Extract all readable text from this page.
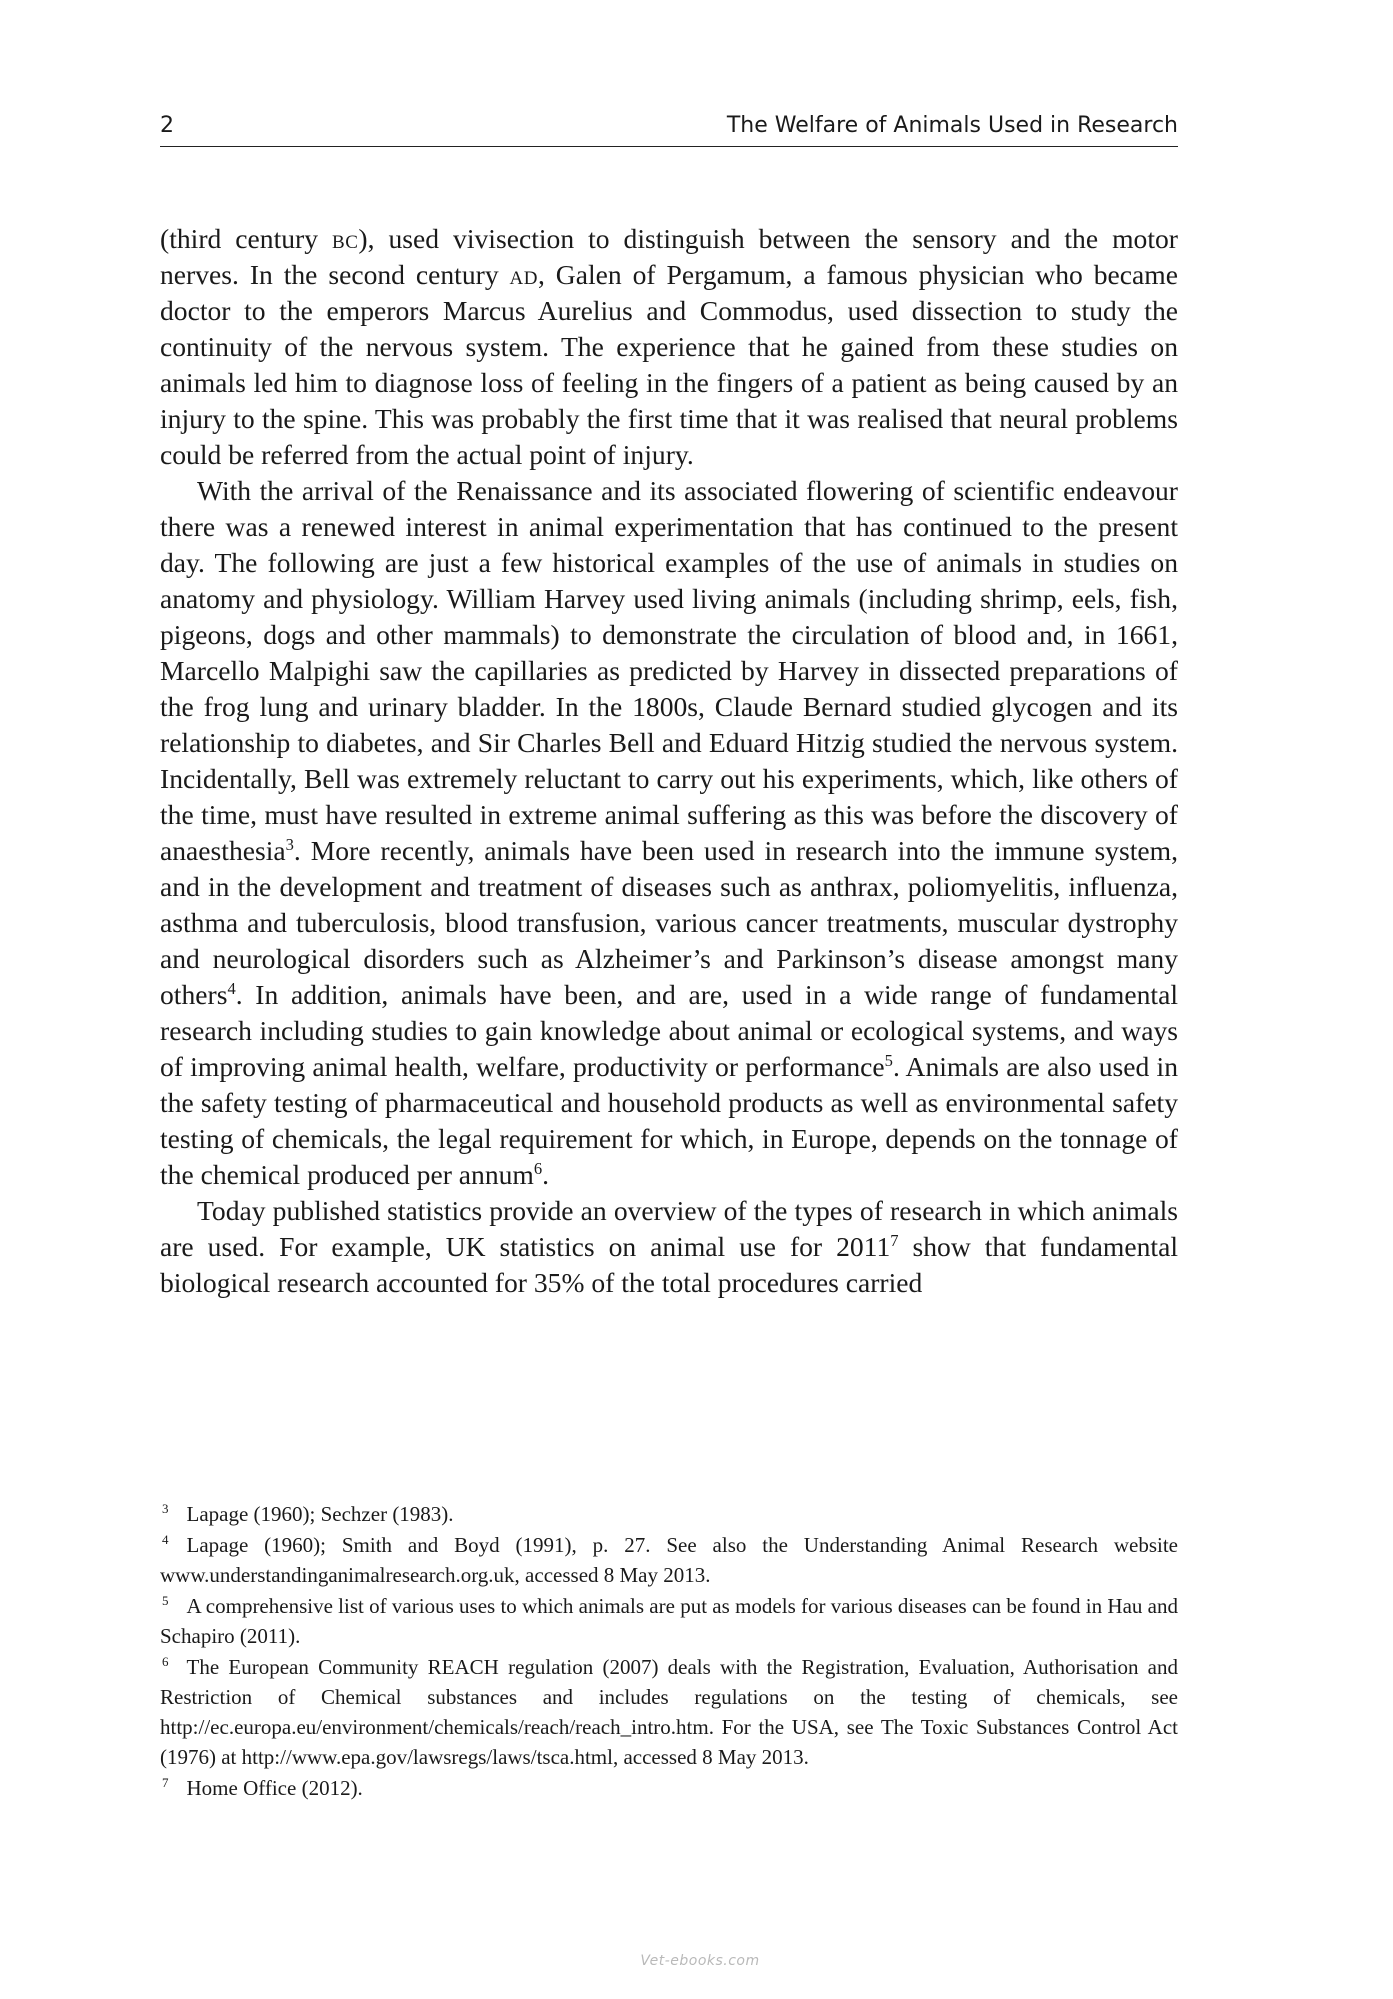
2	The Welfare of Animals Used in Research

(third century bc), used vivisection to distinguish between the sensory and the motor nerves. In the second century ad, Galen of Pergamum, a famous physician who became doctor to the emperors Marcus Aurelius and Commodus, used dissection to study the continuity of the nervous system. The experience that he gained from these studies on animals led him to diagnose loss of feeling in the fingers of a patient as being caused by an injury to the spine. This was probably the first time that it was realised that neural problems could be referred from the actual point of injury.

With the arrival of the Renaissance and its associated flowering of scientific endeavour there was a renewed interest in animal experimentation that has continued to the present day. The following are just a few historical examples of the use of animals in studies on anatomy and physiology. William Harvey used living animals (including shrimp, eels, fish, pigeons, dogs and other mammals) to demonstrate the circulation of blood and, in 1661, Marcello Malpighi saw the capillaries as predicted by Harvey in dissected preparations of the frog lung and urinary bladder. In the 1800s, Claude Bernard studied glycogen and its relationship to diabetes, and Sir Charles Bell and Eduard Hitzig studied the nervous system. Incidentally, Bell was extremely reluctant to carry out his experiments, which, like others of the time, must have resulted in extreme animal suffering as this was before the discovery of anaesthesia$^3$. More recently, animals have been used in research into the immune system, and in the development and treatment of diseases such as anthrax, poliomyelitis, influenza, asthma and tuberculosis, blood transfusion, various cancer treatments, muscular dystrophy and neurological disorders such as Alzheimer’s and Parkinson’s disease amongst many others$^4$. In addition, animals have been, and are, used in a wide range of fundamental research including studies to gain knowledge about animal or ecological systems, and ways of improving animal health, welfare, productivity or performance$^5$. Animals are also used in the safety testing of pharmaceutical and household products as well as environmental safety testing of chemicals, the legal requirement for which, in Europe, depends on the tonnage of the chemical produced per annum$^6$.

Today published statistics provide an overview of the types of research in which animals are used. For example, UK statistics on animal use for 2011$^7$ show that fundamental biological research accounted for 35% of the total procedures carried

$^3$ Lapage (1960); Sechzer (1983).

$^4$ Lapage (1960); Smith and Boyd (1991), p. 27. See also the Understanding Animal Research website www.understandinganimalresearch.org.uk, accessed 8 May 2013.

$^5$ A comprehensive list of various uses to which animals are put as models for various diseases can be found in Hau and Schapiro (2011).

$^6$ The European Community REACH regulation (2007) deals with the Registration, Evaluation, Authorisation and Restriction of Chemical substances and includes regulations on the testing of chemicals, see http://ec.europa.eu/environment/chemicals/reach/reach_intro.htm. For the USA, see The Toxic Substances Control Act (1976) at http://www.epa.gov/lawsregs/laws/tsca.html, accessed 8 May 2013.

$^7$ Home Office (2012).

Vet-ebooks.com
